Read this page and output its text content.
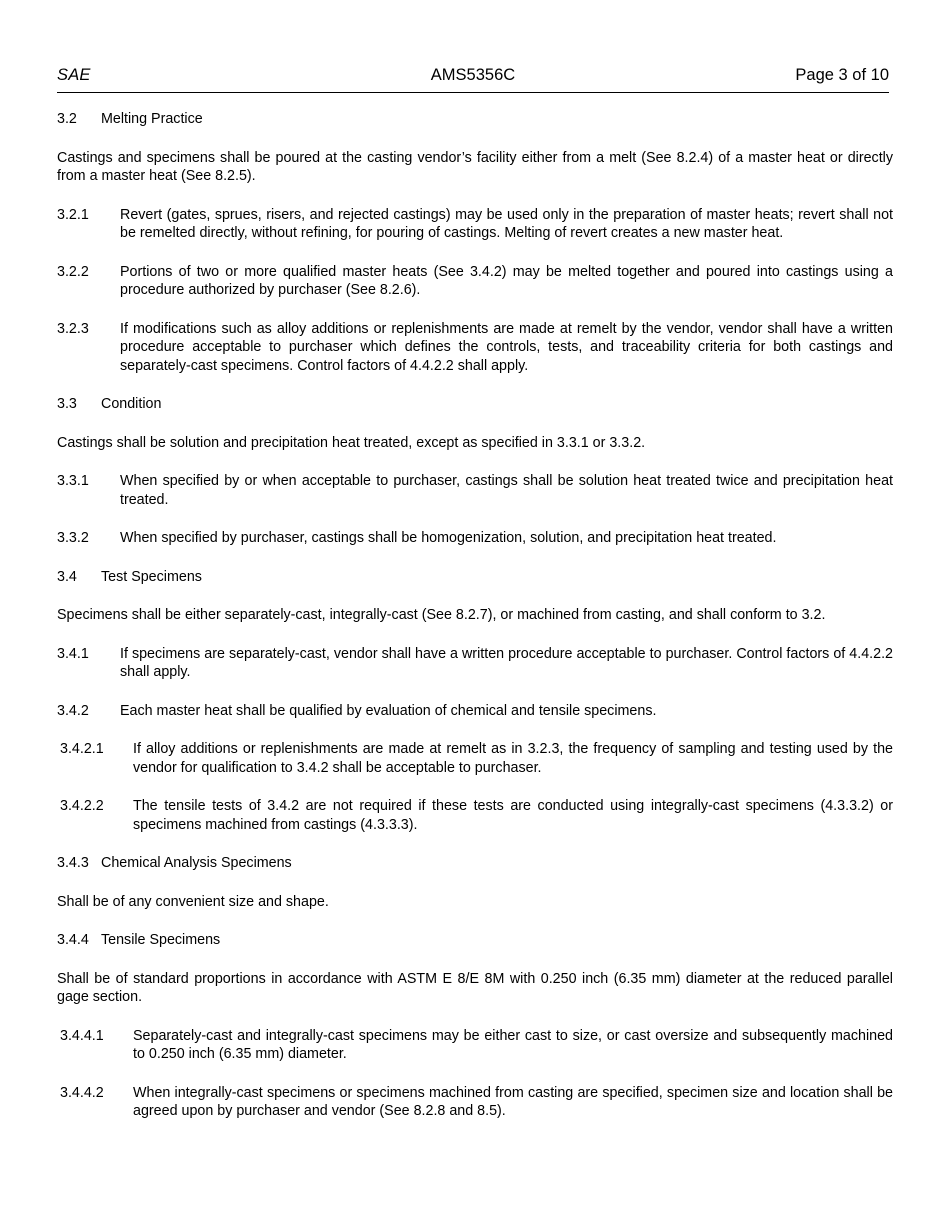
SAE	AMS5356C	Page 3 of 10
3.2 Melting Practice
Castings and specimens shall be poured at the casting vendor’s facility either from a melt (See 8.2.4) of a master heat or directly from a master heat (See 8.2.5).
3.2.1 Revert (gates, sprues, risers, and rejected castings) may be used only in the preparation of master heats; revert shall not be remelted directly, without refining, for pouring of castings. Melting of revert creates a new master heat.
3.2.2 Portions of two or more qualified master heats (See 3.4.2) may be melted together and poured into castings using a procedure authorized by purchaser (See 8.2.6).
3.2.3 If modifications such as alloy additions or replenishments are made at remelt by the vendor, vendor shall have a written procedure acceptable to purchaser which defines the controls, tests, and traceability criteria for both castings and separately-cast specimens. Control factors of 4.4.2.2 shall apply.
3.3 Condition
Castings shall be solution and precipitation heat treated, except as specified in 3.3.1 or 3.3.2.
3.3.1 When specified by or when acceptable to purchaser, castings shall be solution heat treated twice and precipitation heat treated.
3.3.2 When specified by purchaser, castings shall be homogenization, solution, and precipitation heat treated.
3.4 Test Specimens
Specimens shall be either separately-cast, integrally-cast (See 8.2.7), or machined from casting, and shall conform to 3.2.
3.4.1 If specimens are separately-cast, vendor shall have a written procedure acceptable to purchaser. Control factors of 4.4.2.2 shall apply.
3.4.2 Each master heat shall be qualified by evaluation of chemical and tensile specimens.
3.4.2.1 If alloy additions or replenishments are made at remelt as in 3.2.3, the frequency of sampling and testing used by the vendor for qualification to 3.4.2 shall be acceptable to purchaser.
3.4.2.2 The tensile tests of 3.4.2 are not required if these tests are conducted using integrally-cast specimens (4.3.3.2) or specimens machined from castings (4.3.3.3).
3.4.3 Chemical Analysis Specimens
Shall be of any convenient size and shape.
3.4.4 Tensile Specimens
Shall be of standard proportions in accordance with ASTM E 8/E 8M with 0.250 inch (6.35 mm) diameter at the reduced parallel gage section.
3.4.4.1 Separately-cast and integrally-cast specimens may be either cast to size, or cast oversize and subsequently machined to 0.250 inch (6.35 mm) diameter.
3.4.4.2 When integrally-cast specimens or specimens machined from casting are specified, specimen size and location shall be agreed upon by purchaser and vendor (See 8.2.8 and 8.5).
